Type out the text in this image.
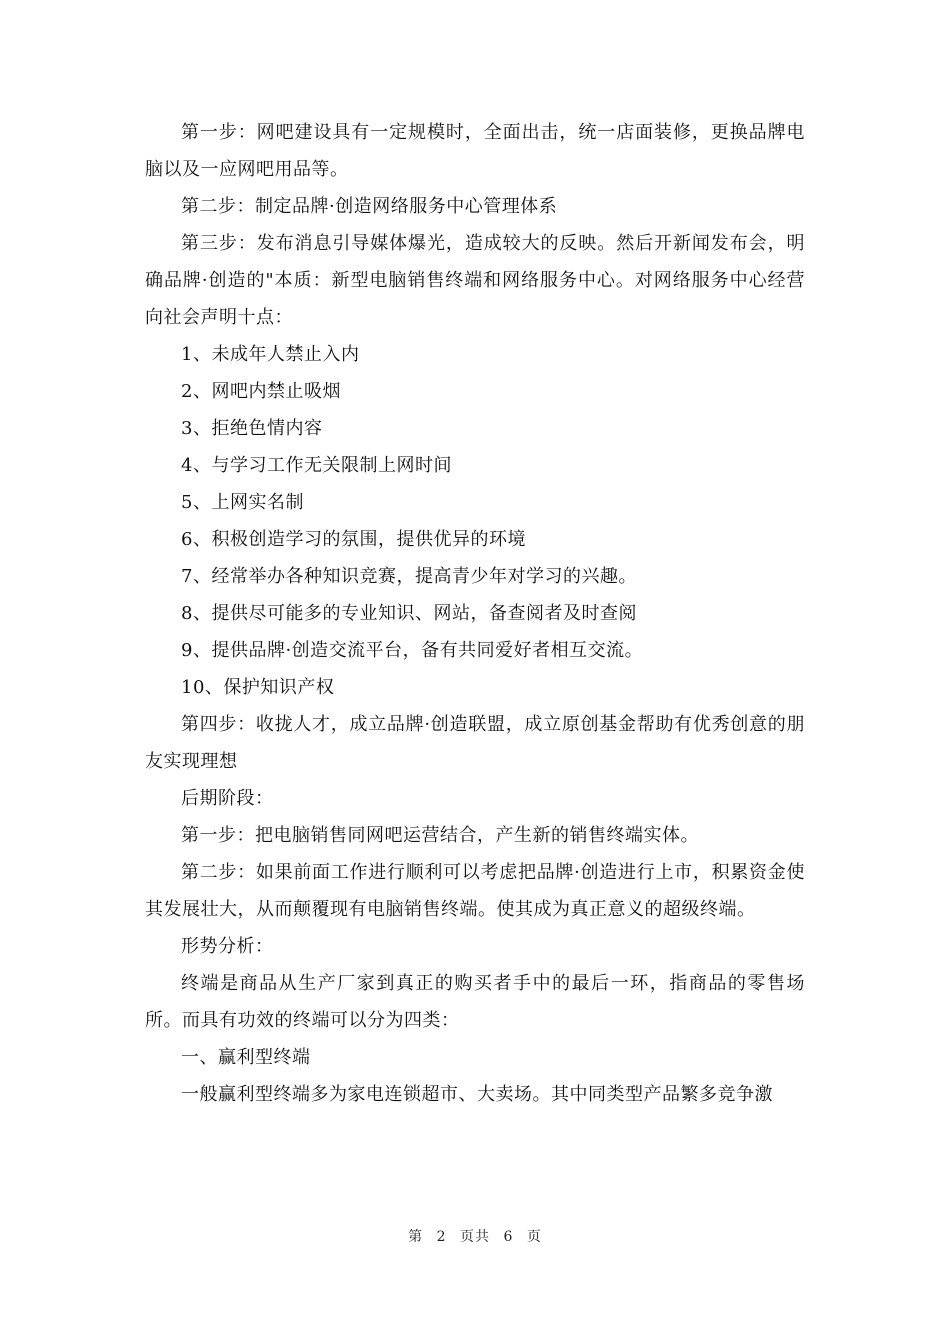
第一步：网吧建设具有一定规模时，全面出击，统一店面装修，更换品牌电脑以及一应网吧用品等。

第二步：制定品牌·创造网络服务中心管理体系

第三步：发布消息引导媒体爆光，造成较大的反映。然后开新闻发布会，明确品牌·创造的"本质：新型电脑销售终端和网络服务中心。对网络服务中心经营向社会声明十点：

1、未成年人禁止入内

2、网吧内禁止吸烟

3、拒绝色情内容

4、与学习工作无关限制上网时间

5、上网实名制

6、积极创造学习的氛围，提供优异的环境

7、经常举办各种知识竞赛，提高青少年对学习的兴趣。

8、提供尽可能多的专业知识、网站，备查阅者及时查阅

9、提供品牌·创造交流平台，备有共同爱好者相互交流。

10、保护知识产权

第四步：收拢人才，成立品牌·创造联盟，成立原创基金帮助有优秀创意的朋友实现理想

后期阶段：

第一步：把电脑销售同网吧运营结合，产生新的销售终端实体。

第二步：如果前面工作进行顺利可以考虑把品牌·创造进行上市，积累资金使其发展壮大，从而颠覆现有电脑销售终端。使其成为真正意义的超级终端。

形势分析：

终端是商品从生产厂家到真正的购买者手中的最后一环，指商品的零售场所。而具有功效的终端可以分为四类：

一、赢利型终端

一般赢利型终端多为家电连锁超市、大卖场。其中同类型产品繁多竞争激

第 2 页共 6 页
